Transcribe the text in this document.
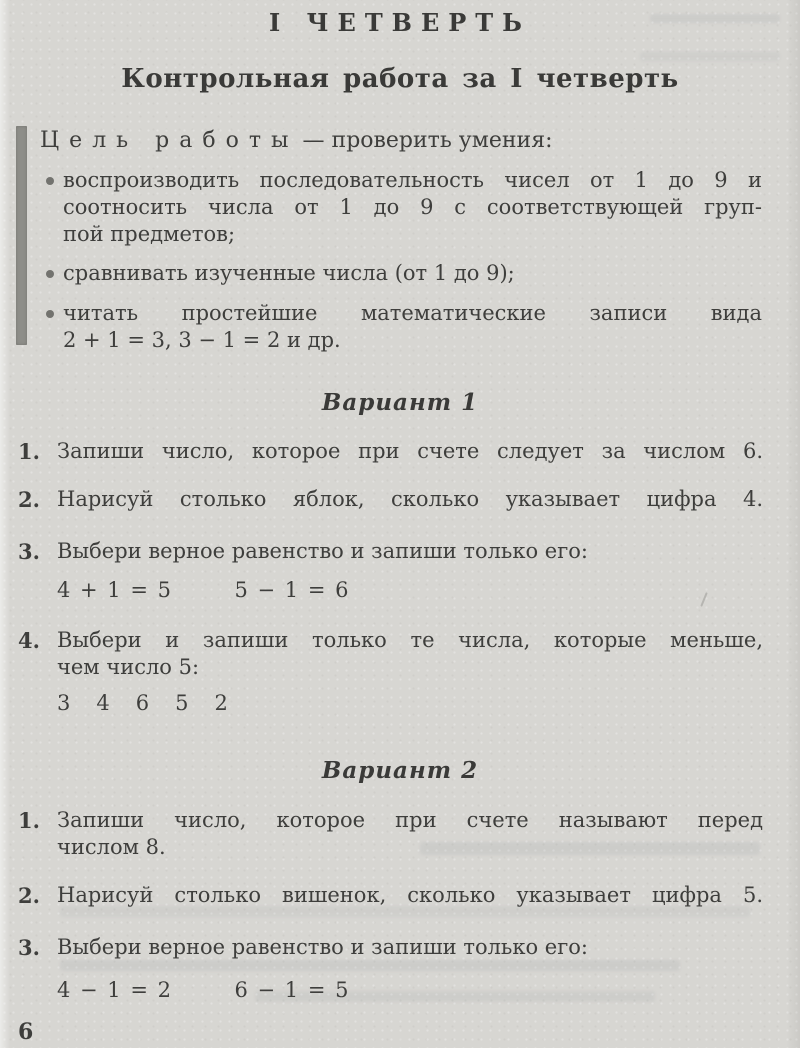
I ЧЕТВЕРТЬ
Контрольная работа за I четверть
Цель работы — проверить умения:
воспроизводить последовательность чисел от 1 до 9 и
соотносить числа от 1 до 9 с соответствующей груп-
пой предметов;
сравнивать изученные числа (от 1 до 9);
читать простейшие математические записи вида
2 + 1 = 3, 3 − 1 = 2 и др.
Вариант 1
1. Запиши число, которое при счете следует за числом 6.
2. Нарисуй столько яблок, сколько указывает цифра 4.
3. Выбери верное равенство и запиши только его:
4 + 1 = 5	5 − 1 = 6
4. Выбери и запиши только те числа, которые меньше,
чем число 5:
3 4 6 5 2
Вариант 2
1. Запиши число, которое при счете называют перед
числом 8.
2. Нарисуй столько вишенок, сколько указывает цифра 5.
3. Выбери верное равенство и запиши только его:
4 − 1 = 2	6 − 1 = 5
6
